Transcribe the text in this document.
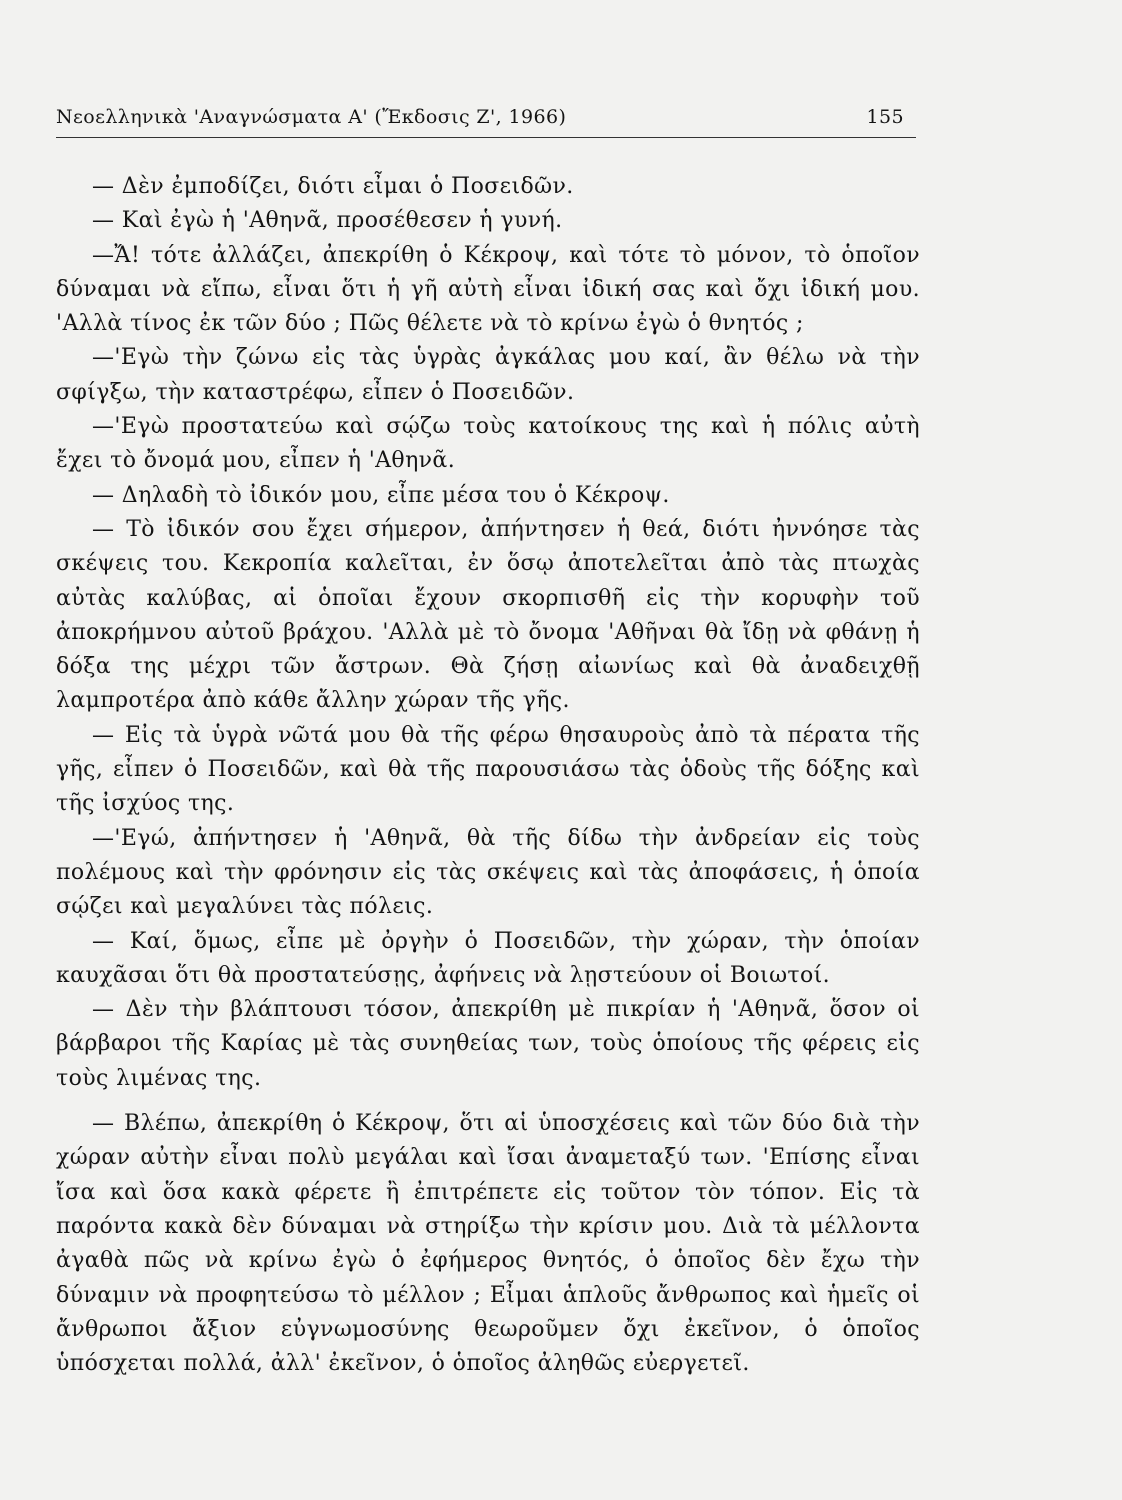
Νεοελληνικὰ 'Αναγνώσματα Α' (Ἔκδοσις Ζ', 1966)	155

— Δὲν ἐμποδίζει, διότι εἶμαι ὁ Ποσειδῶν.

— Καὶ ἐγὼ ἡ 'Αθηνᾶ, προσέθεσεν ἡ γυνή.

—Ἄ! τότε ἀλλάζει, ἀπεκρίθη ὁ Κέκροψ, καὶ τότε τὸ μόνον, τὸ ὁποῖον δύναμαι νὰ εἴπω, εἶναι ὅτι ἡ γῆ αὐτὴ εἶναι ἰδική σας καὶ ὄχι ἰδική μου. 'Αλλὰ τίνος ἐκ τῶν δύο ; Πῶς θέλετε νὰ τὸ κρίνω ἐγὼ ὁ θνητός ;

—'Εγὼ τὴν ζώνω εἰς τὰς ὑγρὰς ἀγκάλας μου καί, ἂν θέλω νὰ τὴν σφίγξω, τὴν καταστρέφω, εἶπεν ὁ Ποσειδῶν.

—'Εγὼ προστατεύω καὶ σῴζω τοὺς κατοίκους της καὶ ἡ πόλις αὐτὴ ἔχει τὸ ὄνομά μου, εἶπεν ἡ 'Αθηνᾶ.

— Δηλαδὴ τὸ ἰδικόν μου, εἶπε μέσα του ὁ Κέκροψ.

— Τὸ ἰδικόν σου ἔχει σήμερον, ἀπήντησεν ἡ θεά, διότι ἠννόησε τὰς σκέψεις του. Κεκροπία καλεῖται, ἐν ὅσῳ ἀποτελεῖται ἀπὸ τὰς πτωχὰς αὐτὰς καλύβας, αἱ ὁποῖαι ἔχουν σκορπισθῆ εἰς τὴν κορυφὴν τοῦ ἀποκρήμνου αὐτοῦ βράχου. 'Αλλὰ μὲ τὸ ὄνομα 'Αθῆναι θὰ ἴδῃ νὰ φθάνῃ ἡ δόξα της μέχρι τῶν ἄστρων. Θὰ ζήσῃ αἰωνίως καὶ θὰ ἀναδειχθῇ λαμπροτέρα ἀπὸ κάθε ἄλλην χώραν τῆς γῆς.

— Εἰς τὰ ὑγρὰ νῶτά μου θὰ τῆς φέρω θησαυροὺς ἀπὸ τὰ πέρατα τῆς γῆς, εἶπεν ὁ Ποσειδῶν, καὶ θὰ τῆς παρουσιάσω τὰς ὁδοὺς τῆς δόξης καὶ τῆς ἰσχύος της.

—'Εγώ, ἀπήντησεν ἡ 'Αθηνᾶ, θὰ τῆς δίδω τὴν ἀνδρείαν εἰς τοὺς πολέμους καὶ τὴν φρόνησιν εἰς τὰς σκέψεις καὶ τὰς ἀποφάσεις, ἡ ὁποία σῴζει καὶ μεγαλύνει τὰς πόλεις.

— Καί, ὅμως, εἶπε μὲ ὀργὴν ὁ Ποσειδῶν, τὴν χώραν, τὴν ὁποίαν καυχᾶσαι ὅτι θὰ προστατεύσῃς, ἀφήνεις νὰ λῃστεύουν οἱ Βοιωτοί.

— Δὲν τὴν βλάπτουσι τόσον, ἀπεκρίθη μὲ πικρίαν ἡ 'Αθηνᾶ, ὅσον οἱ βάρβαροι τῆς Καρίας μὲ τὰς συνηθείας των, τοὺς ὁποίους τῆς φέρεις εἰς τοὺς λιμένας της.

— Βλέπω, ἀπεκρίθη ὁ Κέκροψ, ὅτι αἱ ὑποσχέσεις καὶ τῶν δύο διὰ τὴν χώραν αὐτὴν εἶναι πολὺ μεγάλαι καὶ ἴσαι ἀναμεταξύ των. 'Επίσης εἶναι ἴσα καὶ ὅσα κακὰ φέρετε ἢ ἐπιτρέπετε εἰς τοῦτον τὸν τόπον. Εἰς τὰ παρόντα κακὰ δὲν δύναμαι νὰ στηρίξω τὴν κρίσιν μου. Διὰ τὰ μέλλοντα ἀγαθὰ πῶς νὰ κρίνω ἐγὼ ὁ ἐφήμερος θνητός, ὁ ὁποῖος δὲν ἔχω τὴν δύναμιν νὰ προφητεύσω τὸ μέλλον ; Εἶμαι ἁπλοῦς ἄνθρωπος καὶ ἡμεῖς οἱ ἄνθρωποι ἄξιον εὐγνωμοσύνης θεωροῦμεν ὄχι ἐκεῖνον, ὁ ὁποῖος ὑπόσχεται πολλά, ἀλλ' ἐκεῖνον, ὁ ὁποῖος ἀληθῶς εὐεργετεῖ.
